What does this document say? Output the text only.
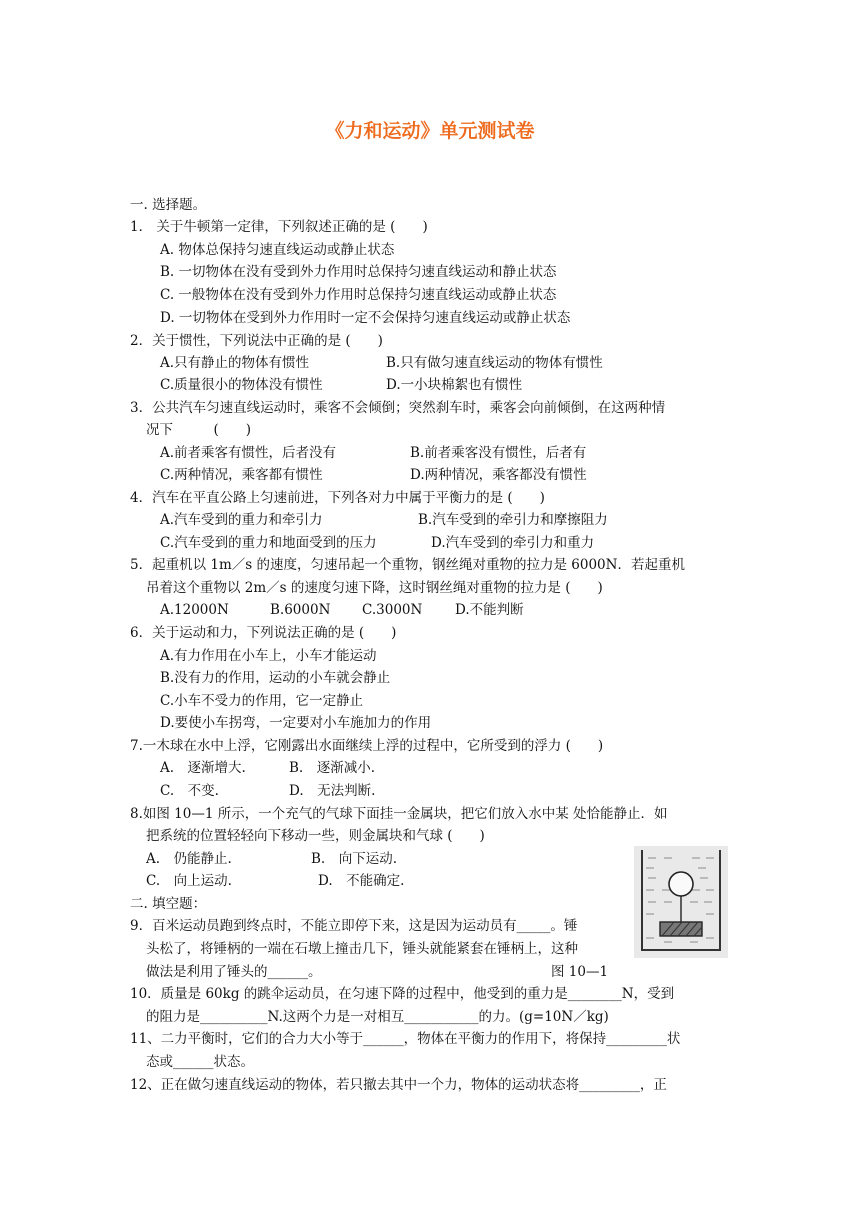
《力和运动》单元测试卷
一. 选择题。
1． 关于牛顿第一定律，下列叙述正确的是 (　　)
A. 物体总保持匀速直线运动或静止状态
B. 一切物体在没有受到外力作用时总保持匀速直线运动和静止状态
C. 一般物体在没有受到外力作用时总保持匀速直线运动或静止状态
D. 一切物体在受到外力作用时一定不会保持匀速直线运动或静止状态
2．关于惯性，下列说法中正确的是 (　　)
A.只有静止的物体有惯性	B.只有做匀速直线运动的物体有惯性
C.质量很小的物体没有惯性	D.一小块棉絮也有惯性
3．公共汽车匀速直线运动时，乘客不会倾倒；突然刹车时，乘客会向前倾倒，在这两种情
况下　　　(　　)
A.前者乘客有惯性，后者没有	B.前者乘客没有惯性，后者有
C.两种情况，乘客都有惯性	D.两种情况，乘客都没有惯性
4．汽车在平直公路上匀速前进，下列各对力中属于平衡力的是 (　　)
A.汽车受到的重力和牵引力	B.汽车受到的牵引力和摩擦阻力
C.汽车受到的重力和地面受到的压力	D.汽车受到的牵引力和重力
5．起重机以 1m／s 的速度，匀速吊起一个重物，钢丝绳对重物的拉力是 6000N．若起重机
吊着这个重物以 2m／s 的速度匀速下降，这时钢丝绳对重物的拉力是 (　　)
A.12000N	B.6000N C.3000N D.不能判断
6．关于运动和力，下列说法正确的是 (　　)
A.有力作用在小车上，小车才能运动
B.没有力的作用，运动的小车就会静止
C.小车不受力的作用，它一定静止
D.要使小车拐弯，一定要对小车施加力的作用
7.一木球在水中上浮，它刚露出水面继续上浮的过程中，它所受到的浮力 (　　)
A.　逐渐增大.	B.　逐渐减小.
C.　不变.	D.　无法判断.
8.如图 10—1 所示，一个充气的气球下面挂一金属块，把它们放入水中某 处恰能静止．如
把系统的位置轻轻向下移动一些，则金属块和气球 (　　)
A.　仍能静止.	B.　向下运动.
C.　向上运动.	D.　不能确定.
二. 填空题：
9．百米运动员跑到终点时，不能立即停下来，这是因为运动员有_____。锤
头松了，将锤柄的一端在石墩上撞击几下，锤头就能紧套在锤柄上，这种
做法是利用了锤头的______。	图 10—1
10．质量是 60kg 的跳伞运动员，在匀速下降的过程中，他受到的重力是________N，受到
的阻力是__________N.这两个力是一对相互___________的力。(g=10N／kg)
11、二力平衡时，它们的合力大小等于______，物体在平衡力的作用下，将保持_________状
态或______状态。
12、正在做匀速直线运动的物体，若只撤去其中一个力，物体的运动状态将_________，正
